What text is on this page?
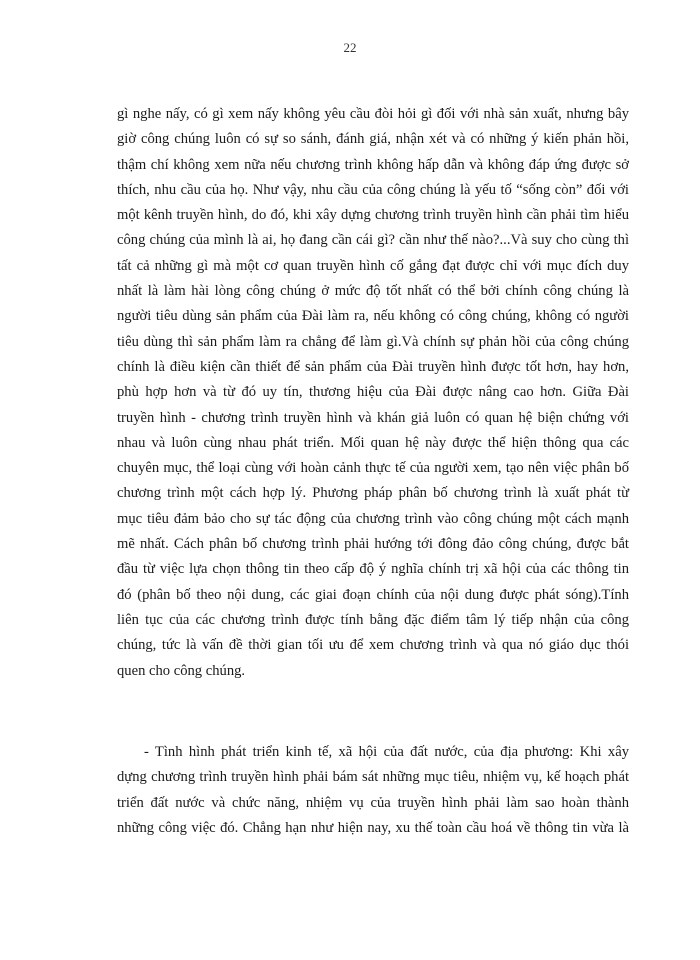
22
gì nghe nấy, có gì xem nấy không yêu cầu đòi hỏi gì đối với nhà sản xuất, nhưng bây
giờ công chúng luôn có sự so sánh, đánh giá, nhận xét và có những ý kiến phản hồi,
thậm chí không xem nữa nếu chương trình không hấp dẫn và không đáp ứng được sở
thích, nhu cầu của họ. Như vậy, nhu cầu của công chúng là yếu tố “sống còn” đối với
một kênh truyền hình, do đó, khi xây dựng chương trình truyền hình cần phải tìm hiểu
công chúng của mình là ai, họ đang cần cái gì? cần như thế nào?...Và suy cho cùng thì
tất cả những gì mà một cơ quan truyền hình cố gắng đạt được chỉ với mục đích duy
nhất là làm hài lòng công chúng ở mức độ tốt nhất có thể bởi chính công chúng là
người tiêu dùng sản phẩm của Đài làm ra, nếu không có công chúng, không có người
tiêu dùng thì sản phẩm làm ra chẳng để làm gì.Và chính sự phản hồi của công chúng
chính là điều kiện cần thiết để sản phẩm của Đài truyền hình được tốt hơn, hay hơn,
phù hợp hơn và từ đó uy tín, thương hiệu của Đài được nâng cao hơn. Giữa Đài
truyền hình - chương trình truyền hình và khán giả luôn có quan hệ biện chứng với
nhau và luôn cùng nhau phát triển. Mối quan hệ này được thể hiện thông qua các
chuyên mục, thể loại cùng với hoàn cảnh thực tế của người xem, tạo nên việc phân bố
chương trình một cách hợp lý. Phương pháp phân bố chương trình là xuất phát từ
mục tiêu đảm bảo cho sự tác động của chương trình vào công chúng một cách mạnh
mẽ nhất. Cách phân bố chương trình phải hướng tới đông đảo công chúng, được bắt
đầu từ việc lựa chọn thông tin theo cấp độ ý nghĩa chính trị xã hội của các thông tin
đó (phân bố theo nội dung, các giai đoạn chính của nội dung được phát sóng).Tính
liên tục của các chương trình được tính bằng đặc điểm tâm lý tiếp nhận của công
chúng, tức là vấn đề thời gian tối ưu để xem chương trình và qua nó giáo dục thói
quen cho công chúng.
- Tình hình phát triển kinh tế, xã hội của đất nước, của địa phương: Khi xây
dựng chương trình truyền hình phải bám sát những mục tiêu, nhiệm vụ, kế hoạch phát
triển đất nước và chức năng, nhiệm vụ của truyền hình phải làm sao hoàn thành
những công việc đó. Chẳng hạn như hiện nay, xu thế toàn cầu hoá về thông tin vừa là
